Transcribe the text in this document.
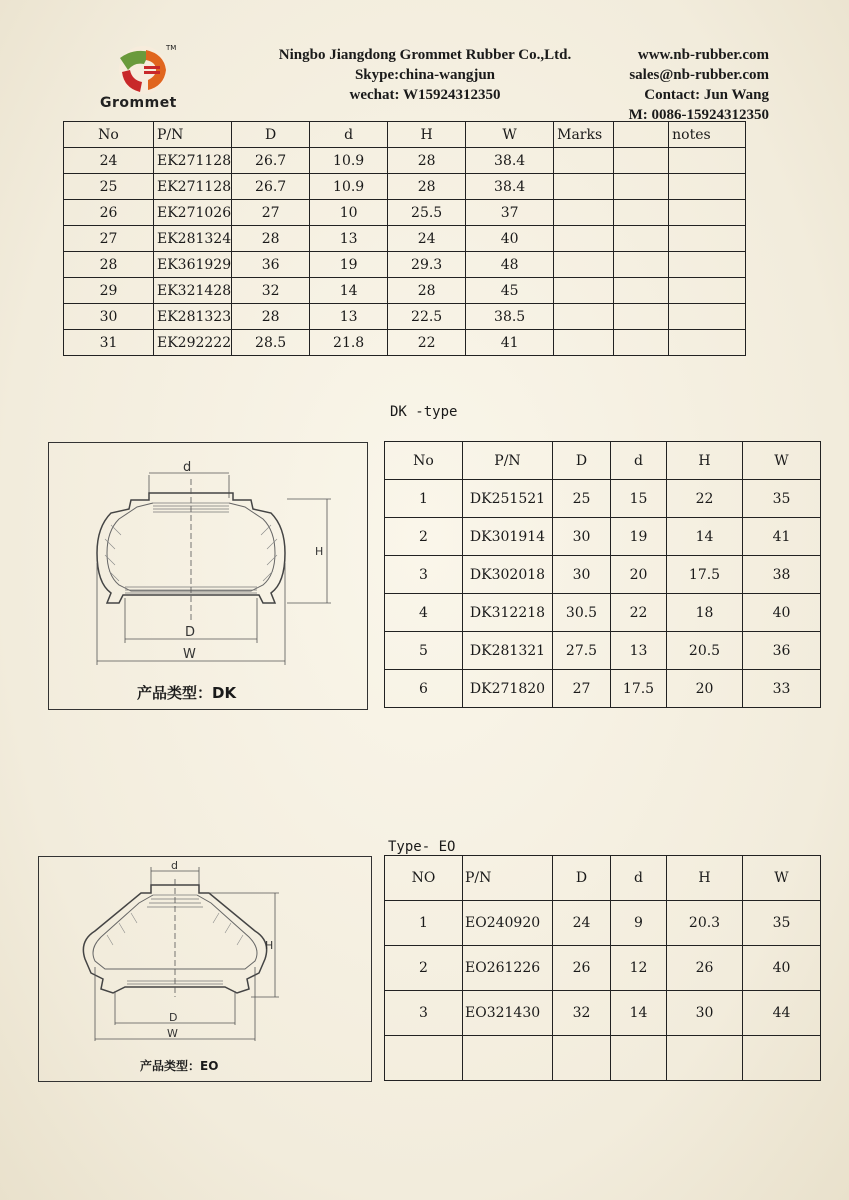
TM
Grommet
Ningbo Jiangdong Grommet Rubber Co.,Ltd.
Skype:china-wangjun
wechat: W15924312350
www.nb-rubber.com
sales@nb-rubber.com
Contact: Jun Wang
M: 0086-15924312350
No	P/N	D	d	H	W	Marks		notes
24	EK271128	26.7	10.9	28	38.4			
25	EK271128	26.7	10.9	28	38.4			
26	EK271026	27	10	25.5	37			
27	EK281324	28	13	24	40			
28	EK361929	36	19	29.3	48			
29	EK321428	32	14	28	45			
30	EK281323	28	13	22.5	38.5			
31	EK292222	28.5	21.8	22	41			
DK -type
d
H
D
W
产品类型：DK
No	P/N	D	d	H	W
1	DK251521	25	15	22	35
2	DK301914	30	19	14	41
3	DK302018	30	20	17.5	38
4	DK312218	30.5	22	18	40
5	DK281321	27.5	13	20.5	36
6	DK271820	27	17.5	20	33
Type- EO
d
H
D
W
产品类型：EO
NO	P/N	D	d	H	W
1	EO240920	24	9	20.3	35
2	EO261226	26	12	26	40
3	EO321430	32	14	30	44
